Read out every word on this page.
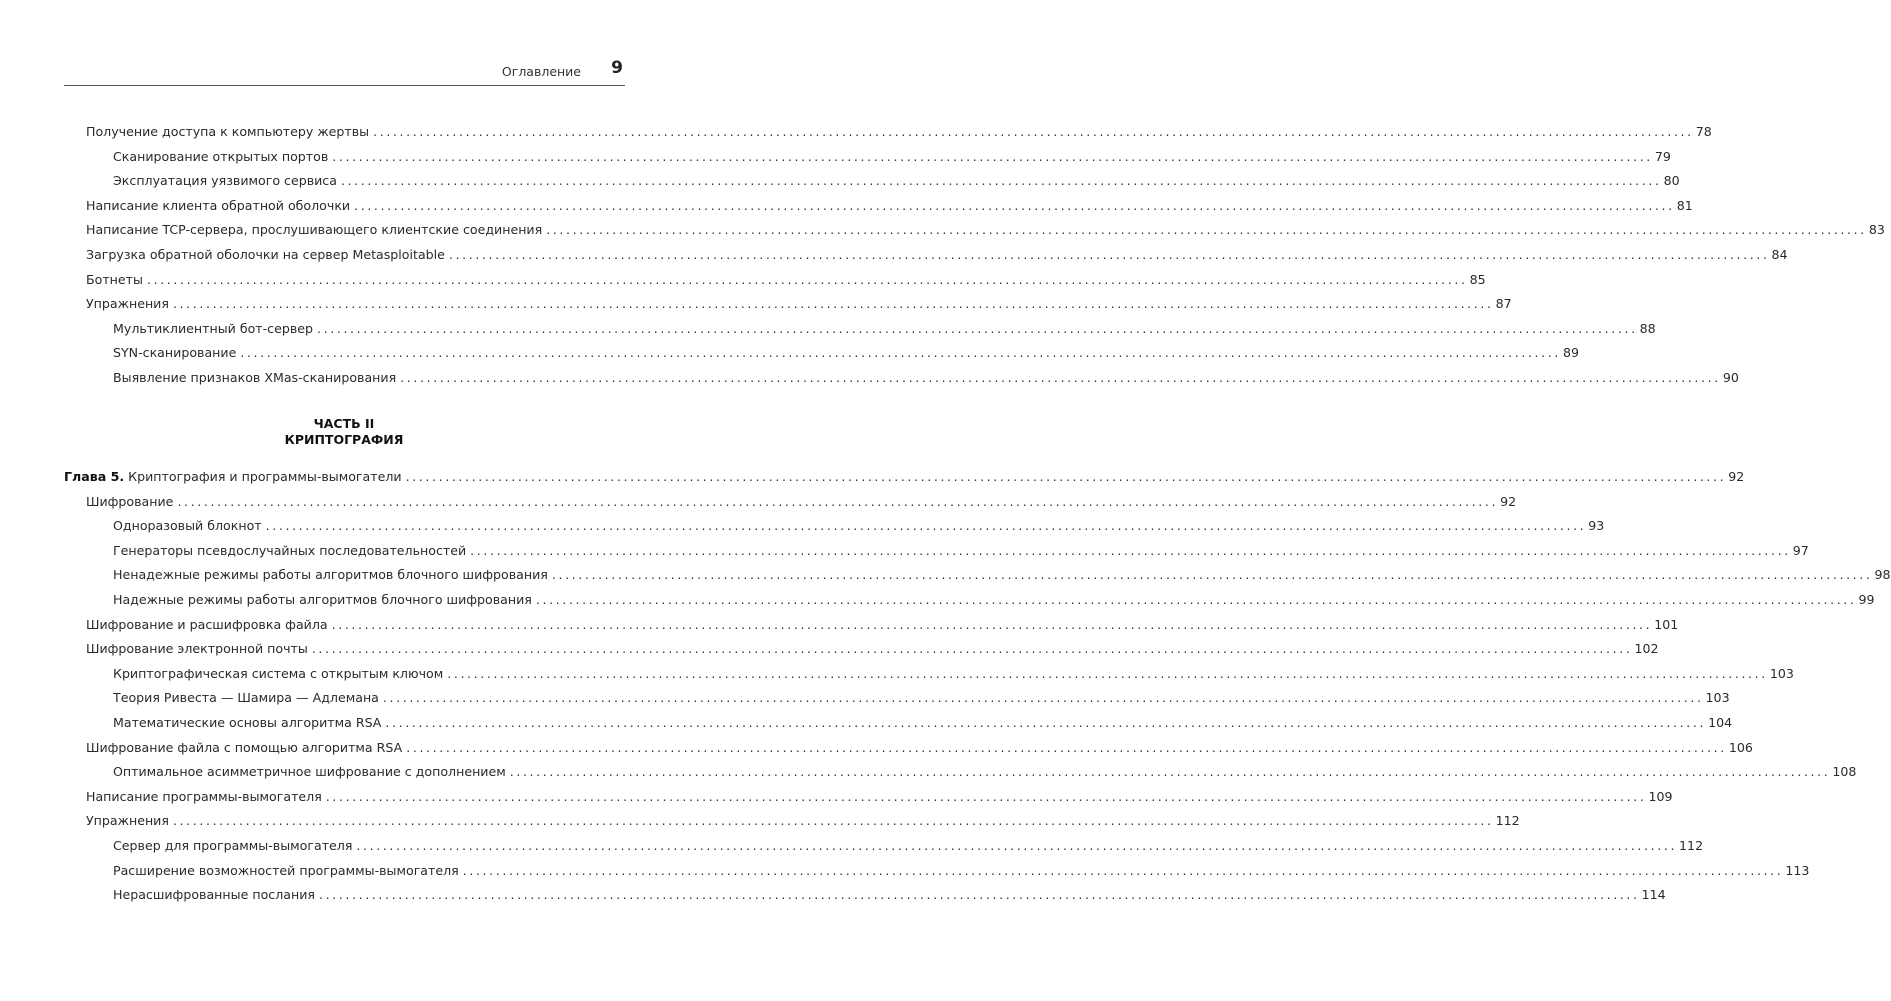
Оглавление 9
Получение доступа к компьютеру жертвы ........................................................................................................................................................................................................ 78
Сканирование открытых портов ........................................................................................................................................................................................................ 79
Эксплуатация уязвимого сервиса ........................................................................................................................................................................................................ 80
Написание клиента обратной оболочки ........................................................................................................................................................................................................ 81
Написание TCP-сервера, прослушивающего клиентские соединения ........................................................................................................................................................................................................ 83
Загрузка обратной оболочки на сервер Metasploitable ........................................................................................................................................................................................................ 84
Ботнеты ........................................................................................................................................................................................................ 85
Упражнения ........................................................................................................................................................................................................ 87
Мультиклиентный бот-сервер ........................................................................................................................................................................................................ 88
SYN-сканирование ........................................................................................................................................................................................................ 89
Выявление признаков XMas-сканирования ........................................................................................................................................................................................................ 90
ЧАСТЬ II
КРИПТОГРАФИЯ
Глава 5. Криптография и программы-вымогатели ........................................................................................................................................................................................................ 92
Шифрование ........................................................................................................................................................................................................ 92
Одноразовый блокнот ........................................................................................................................................................................................................ 93
Генераторы псевдослучайных последовательностей ........................................................................................................................................................................................................ 97
Ненадежные режимы работы алгоритмов блочного шифрования ........................................................................................................................................................................................................ 98
Надежные режимы работы алгоритмов блочного шифрования ........................................................................................................................................................................................................ 99
Шифрование и расшифровка файла ........................................................................................................................................................................................................ 101
Шифрование электронной почты ........................................................................................................................................................................................................ 102
Криптографическая система с открытым ключом ........................................................................................................................................................................................................ 103
Теория Ривеста — Шамира — Адлемана ........................................................................................................................................................................................................ 103
Математические основы алгоритма RSA ........................................................................................................................................................................................................ 104
Шифрование файла с помощью алгоритма RSA ........................................................................................................................................................................................................ 106
Оптимальное асимметричное шифрование с дополнением ........................................................................................................................................................................................................ 108
Написание программы-вымогателя ........................................................................................................................................................................................................ 109
Упражнения ........................................................................................................................................................................................................ 112
Сервер для программы-вымогателя ........................................................................................................................................................................................................ 112
Расширение возможностей программы-вымогателя ........................................................................................................................................................................................................ 113
Нерасшифрованные послания ........................................................................................................................................................................................................ 114
